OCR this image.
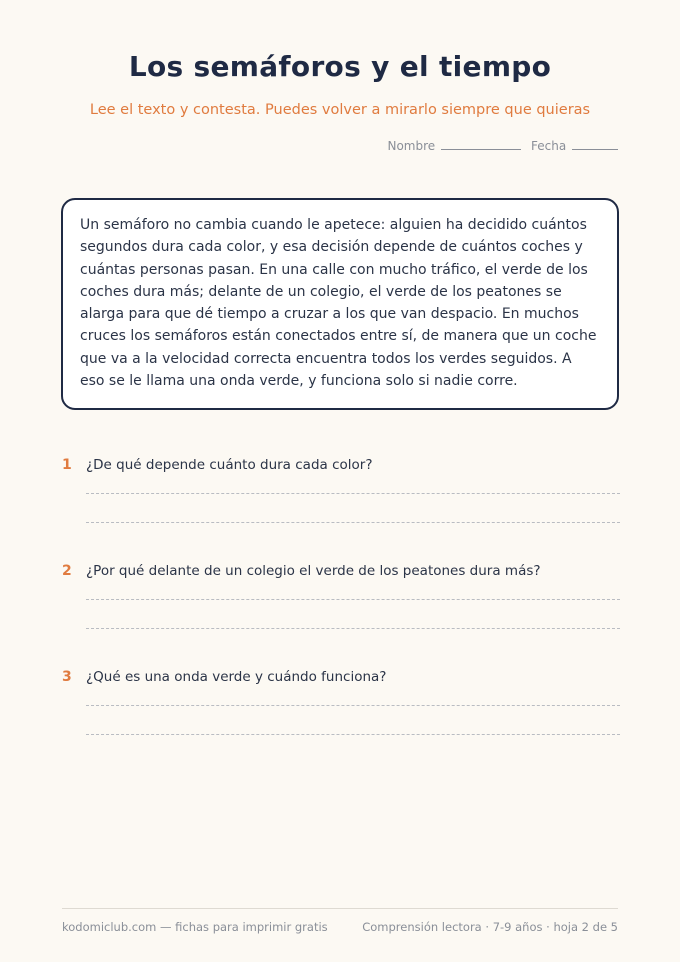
Los semáforos y el tiempo
Lee el texto y contesta. Puedes volver a mirarlo siempre que quieras
Nombre	Fecha
Un semáforo no cambia cuando le apetece: alguien ha decidido cuántos segundos dura cada color, y esa decisión depende de cuántos coches y cuántas personas pasan. En una calle con mucho tráfico, el verde de los coches dura más; delante de un colegio, el verde de los peatones se alarga para que dé tiempo a cruzar a los que van despacio. En muchos cruces los semáforos están conectados entre sí, de manera que un coche que va a la velocidad correcta encuentra todos los verdes seguidos. A eso se le llama una onda verde, y funciona solo si nadie corre.
1	¿De qué depende cuánto dura cada color?
2	¿Por qué delante de un colegio el verde de los peatones dura más?
3	¿Qué es una onda verde y cuándo funciona?
kodomiclub.com — fichas para imprimir gratis	Comprensión lectora · 7-9 años · hoja 2 de 5
